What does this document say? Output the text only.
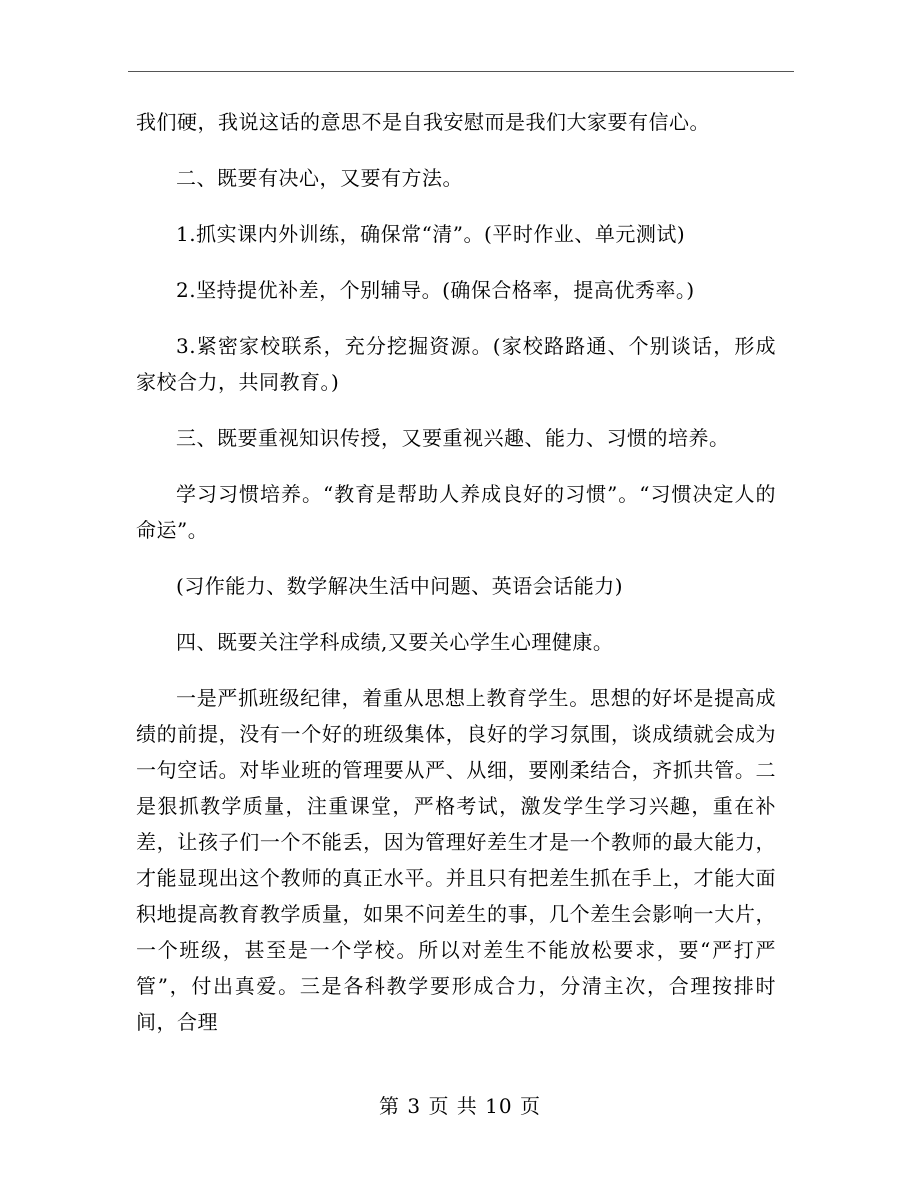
我们硬，我说这话的意思不是自我安慰而是我们大家要有信心。

二、既要有决心，又要有方法。

1.抓实课内外训练，确保常“清”。(平时作业、单元测试)

2.坚持提优补差，个别辅导。(确保合格率，提高优秀率。)

3.紧密家校联系，充分挖掘资源。(家校路路通、个别谈话，形成家校合力，共同教育。)

三、既要重视知识传授，又要重视兴趣、能力、习惯的培养。

学习习惯培养。“教育是帮助人养成良好的习惯”。“习惯决定人的命运”。

(习作能力、数学解决生活中问题、英语会话能力)

四、既要关注学科成绩,又要关心学生心理健康。

一是严抓班级纪律，着重从思想上教育学生。思想的好坏是提高成绩的前提，没有一个好的班级集体，良好的学习氛围，谈成绩就会成为一句空话。对毕业班的管理要从严、从细，要刚柔结合，齐抓共管。二是狠抓教学质量，注重课堂，严格考试，激发学生学习兴趣，重在补差，让孩子们一个不能丢，因为管理好差生才是一个教师的最大能力，才能显现出这个教师的真正水平。并且只有把差生抓在手上，才能大面积地提高教育教学质量，如果不问差生的事，几个差生会影响一大片，一个班级，甚至是一个学校。所以对差生不能放松要求，要“严打严管”，付出真爱。三是各科教学要形成合力，分清主次，合理按排时间，合理

第 3 页 共 10 页
